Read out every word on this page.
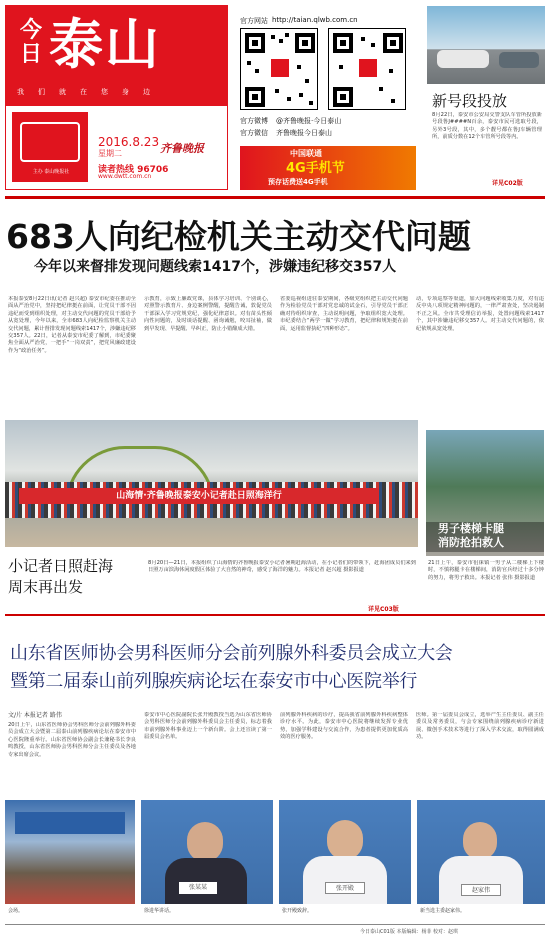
今日 泰山
我们就在您身边
主办 泰山晚报社
2016.8.23
星期二
读者热线 96706
www.dwtt.com.cn
齐鲁晚报
官方网站 http://taian.qlwb.com.cn
官方微博 @齐鲁晚报·今日泰山
官方微信 齐鲁晚报今日泰山
中国联通
4G手机节
预存话费送4G手机
新号段投放
8月22日，泰安市公安局交警支队车管所投放新号段鲁J####N百余，泰安市民可选取号段，另外3号段，其中，多个靓号都在鲁J车辆管理所，前质分数在12个车管所号段等内。
详见C02版
683人向纪检机关主动交代问题
今年以来督排发现问题线索1417个，涉嫌违纪移交357人
本报泰安8月22日讯(记者 赵兴超) 泰安市纪委在推动全面从严治党中，坚持把纪律挺在前面，让党员干部不因违纪而受到组织处理，对主动交代问题的党员干部给予从宽处理，今年以来，全市683人向纪检监察机关主动交代问题，累计督排发现问题线索1417个，涉嫌违纪移交357人。22日，记者从泰安市纪委了解到，市纪委聚焦全面从严治党，一把手“一岗双责”，把党风廉政建设作为“政治任务”。
示教育，示致上廉政党课，县体学习培训、个别谈心，对照警示教育片、身边案例警醒，提醒告诫，敦促党员干部深入学习党规党纪，强化纪律意识。对有苗头性倾向性问题的，及时谈话提醒、函询诫勉，咬耳扯袖，做到早发现、早提醒、早纠正，防止小错酿成大错。
省委巡视组进驻泰安期间，各级党组织把主动交代问题作为检验党员干部对党忠诚的试金石，引导党员干部正确对待组织审查，主动说明问题，争取组织宽大处理。市纪委结合“两学一做”学习教育，把纪律和规矩挺在前面，运用监督执纪“四种形态”。
动，专项巡察等渠道，加大问题线索收集力度，对有违反中央八项规定精神问题的，一律严肃查处，坚决遏制不正之风。全市共受理信访举报，处置问题线索1417个，其中涉嫌违纪移交357人。对主动交代问题的，依纪依规从宽处理。
山海情·齐鲁晚报泰安小记者赴日照海洋行
小记者日照赶海
周末再出发
8月20日—21日，本报组织了山海情的齐鲁晚报泰安小记者暑期赶海活动，在小记者们的带领下，赶海团成员们来到日照万亩滨海休闲度假区体验了大自然的神奇，感受了海洋的魅力。本报记者 赵兴超 摄影报道
详见C03版
男子楼梯卡腿
消防抢拍救人
21日上午，泰安市徂徕镇一男子从二楼梯上下楼时，不慎将腿卡在楼梯间，消防官兵经过十多分钟的努力，将男子救出。本报记者 张伟 摄影报道
山东省医师协会男科医师分会前列腺外科委员会成立大会
暨第二届泰山前列腺疾病论坛在泰安市中心医院举行
文/片 本报记者 路伟
20日上午，山东省医师协会男科医师分会前列腺外科委员会成立大会暨第二届泰山前列腺疾病论坛在泰安市中心医院隆重举行。山东省医师协会副会长兼秘书长李良鸣教授，山东省医师协会男科医师分会主任委员及各地专家出席会议。
泰安市中心医院副院长张开殿教授当选为山东省医师协会男科医师分会前列腺外科委员会主任委员，标志着我市前列腺外科事业迈上一个新台阶。会上还宣读了第一届委员会名单。
前列腺外科疾病的诊疗，提高我省前列腺外科疾病整体诊疗水平。为此，泰安市中心医院将继续发挥专业优势，加强学科建设与交流合作，为患者提供更加优质高效的医疗服务。
医师。第一届委员会成立，选举产生主任委员、副主任委员及常务委员，与会专家围绕前列腺疾病诊疗新进展、微创手术技术等进行了深入学术交流，取得圆满成功。
张某某	张开殿	赵家伟
会场。	徐进华讲话。	张开殿致辞。	新当选主委赵家伟。
今日泰山C01版 本版编辑：杨菲 校对：赵琪
